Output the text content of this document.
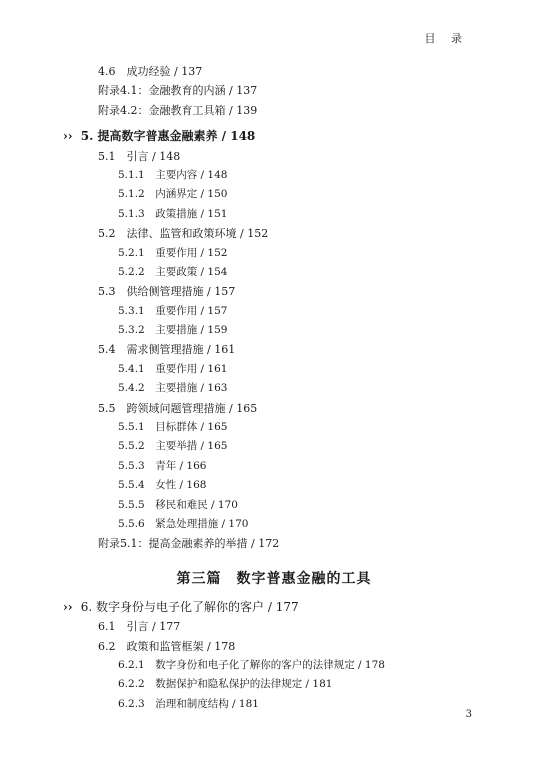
目 录
4.6　成功经验 / 137
附录4.1：金融教育的内涵 / 137
附录4.2：金融教育工具箱 / 139
›› 5. 提高数字普惠金融素养 / 148
5.1　引言 / 148
5.1.1　主要内容 / 148
5.1.2　内涵界定 / 150
5.1.3　政策措施 / 151
5.2　法律、监管和政策环境 / 152
5.2.1　重要作用 / 152
5.2.2　主要政策 / 154
5.3　供给侧管理措施 / 157
5.3.1　重要作用 / 157
5.3.2　主要措施 / 159
5.4　需求侧管理措施 / 161
5.4.1　重要作用 / 161
5.4.2　主要措施 / 163
5.5　跨领域问题管理措施 / 165
5.5.1　目标群体 / 165
5.5.2　主要举措 / 165
5.5.3　青年 / 166
5.5.4　女性 / 168
5.5.5　移民和难民 / 170
5.5.6　紧急处理措施 / 170
附录5.1：提高金融素养的举措 / 172
第三篇　数字普惠金融的工具
›› 6. 数字身份与电子化了解你的客户 / 177
6.1　引言 / 177
6.2　政策和监管框架 / 178
6.2.1　数字身份和电子化了解你的客户的法律规定 / 178
6.2.2　数据保护和隐私保护的法律规定 / 181
6.2.3　治理和制度结构 / 181
3
